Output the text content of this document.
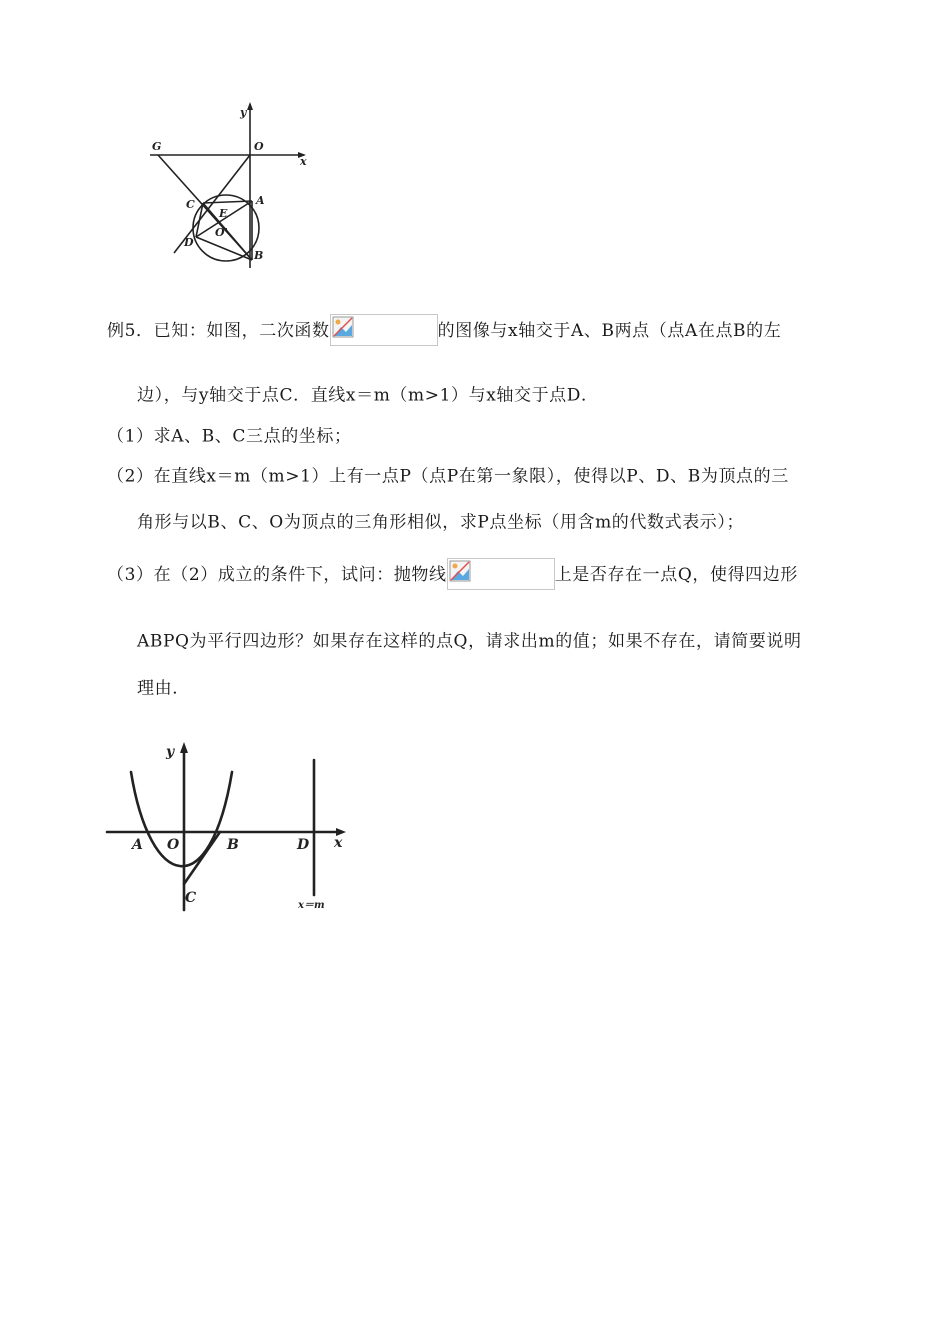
y
x
O
G
C	A
E
O'
D
B
例5．已知：如图，二次函数	的图像与x轴交于A、B两点（点A在点B的左
边），与y轴交于点C．直线x＝m（m>1）与x轴交于点D．
（1）求A、B、C三点的坐标；
（2）在直线x＝m（m>1）上有一点P（点P在第一象限），使得以P、D、B为顶点的三
角形与以B、C、O为顶点的三角形相似，求P点坐标（用含m的代数式表示）；
（3）在（2）成立的条件下，试问：抛物线	上是否存在一点Q，使得四边形
ABPQ为平行四边形？如果存在这样的点Q，请求出m的值；如果不存在，请简要说明
理由．
y
x
A O	B	D
C	x＝m
